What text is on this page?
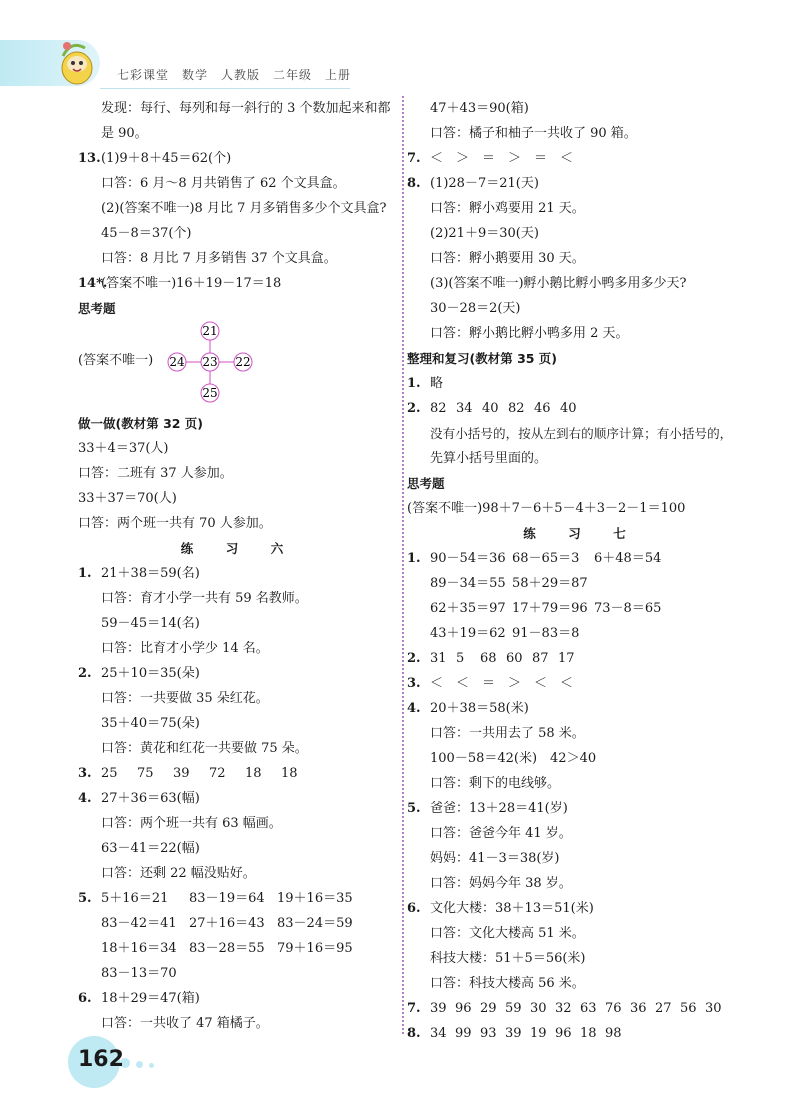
七彩课堂　数学　人教版　二年级　上册
发现：每行、每列和每一斜行的 3 个数加起来和都
是 90。
13.(1)9＋8＋45＝62(个)
口答：6 月～8 月共销售了 62 个文具盒。
(2)(答案不唯一)8 月比 7 月多销售多少个文具盒?
45－8＝37(个)
口答：8 月比 7 月多销售 37 个文具盒。
14*.(答案不唯一)16＋19－17＝18
思考题
(答案不唯一)
21
24 23 22
25
做一做(教材第 32 页)
33＋4＝37(人)
口答：二班有 37 人参加。
33＋37＝70(人)
口答：两个班一共有 70 人参加。
练　习　六
1. 21＋38＝59(名)
口答：育才小学一共有 59 名教师。
59－45＝14(名)
口答：比育才小学少 14 名。
2. 25＋10＝35(朵)
口答：一共要做 35 朵红花。
35＋40＝75(朵)
口答：黄花和红花一共要做 75 朵。
3. 25 75 39 72 18 18
4. 27＋36＝63(幅)
口答：两个班一共有 63 幅画。
63－41＝22(幅)
口答：还剩 22 幅没贴好。
5. 5＋16＝21 83－19＝64 19＋16＝35
83－42＝41 27＋16＝43 83－24＝59
18＋16＝34 83－28＝55 79＋16＝95
83－13＝70
6. 18＋29＝47(箱)
口答：一共收了 47 箱橘子。
47＋43＝90(箱)
口答：橘子和柚子一共收了 90 箱。
7. ＜　＞　＝　＞　＝　＜
8. (1)28－7＝21(天)
口答：孵小鸡要用 21 天。
(2)21＋9＝30(天)
口答：孵小鹅要用 30 天。
(3)(答案不唯一)孵小鹅比孵小鸭多用多少天?
30－28＝2(天)
口答：孵小鹅比孵小鸭多用 2 天。
整理和复习(教材第 35 页)
1. 略
2. 82 34 40 82 46 40
没有小括号的，按从左到右的顺序计算；有小括号的，
先算小括号里面的。
思考题
(答案不唯一)98＋7－6＋5－4＋3－2－1＝100
练　习　七
1. 90－54＝36 68－65＝3 6＋48＝54
89－34＝55 58＋29＝87
62＋35＝97 17＋79＝96 73－8＝65
43＋19＝62 91－83＝8
2. 31 5 68 60 87 17
3. ＜　＜　＝　＞　＜　＜
4. 20＋38＝58(米)
口答：一共用去了 58 米。
100－58＝42(米)　42＞40
口答：剩下的电线够。
5. 爸爸：13＋28＝41(岁)
口答：爸爸今年 41 岁。
妈妈：41－3＝38(岁)
口答：妈妈今年 38 岁。
6. 文化大楼：38＋13＝51(米)
口答：文化大楼高 51 米。
科技大楼：51＋5＝56(米)
口答：科技大楼高 56 米。
7. 39 96 29 59 30 32 63 76 36 27 56 30
8. 34 99 93 39 19 96 18 98
162
